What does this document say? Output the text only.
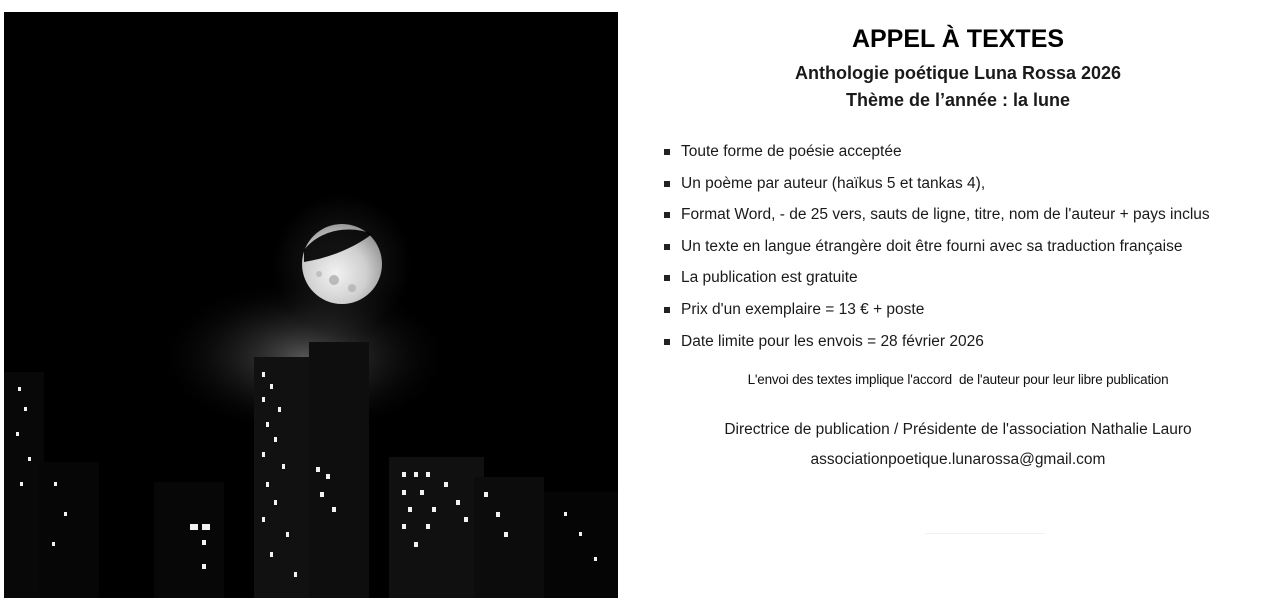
APPEL À TEXTES
Anthologie poétique Luna Rossa 2026
Thème de l’année : la lune
Toute forme de poésie acceptée
Un poème par auteur (haïkus 5 et tankas 4),
Format Word, - de 25 vers, sauts de ligne, titre, nom de l'auteur + pays inclus
Un texte en langue étrangère doit être fourni avec sa traduction française
La publication est gratuite
Prix d'un exemplaire = 13 € + poste
Date limite pour les envois = 28 février 2026

L'envoi des textes implique l'accord  de l'auteur pour leur libre publication

Directrice de publication / Présidente de l'association Nathalie Lauro

associationpoetique.lunarossa@gmail.com
